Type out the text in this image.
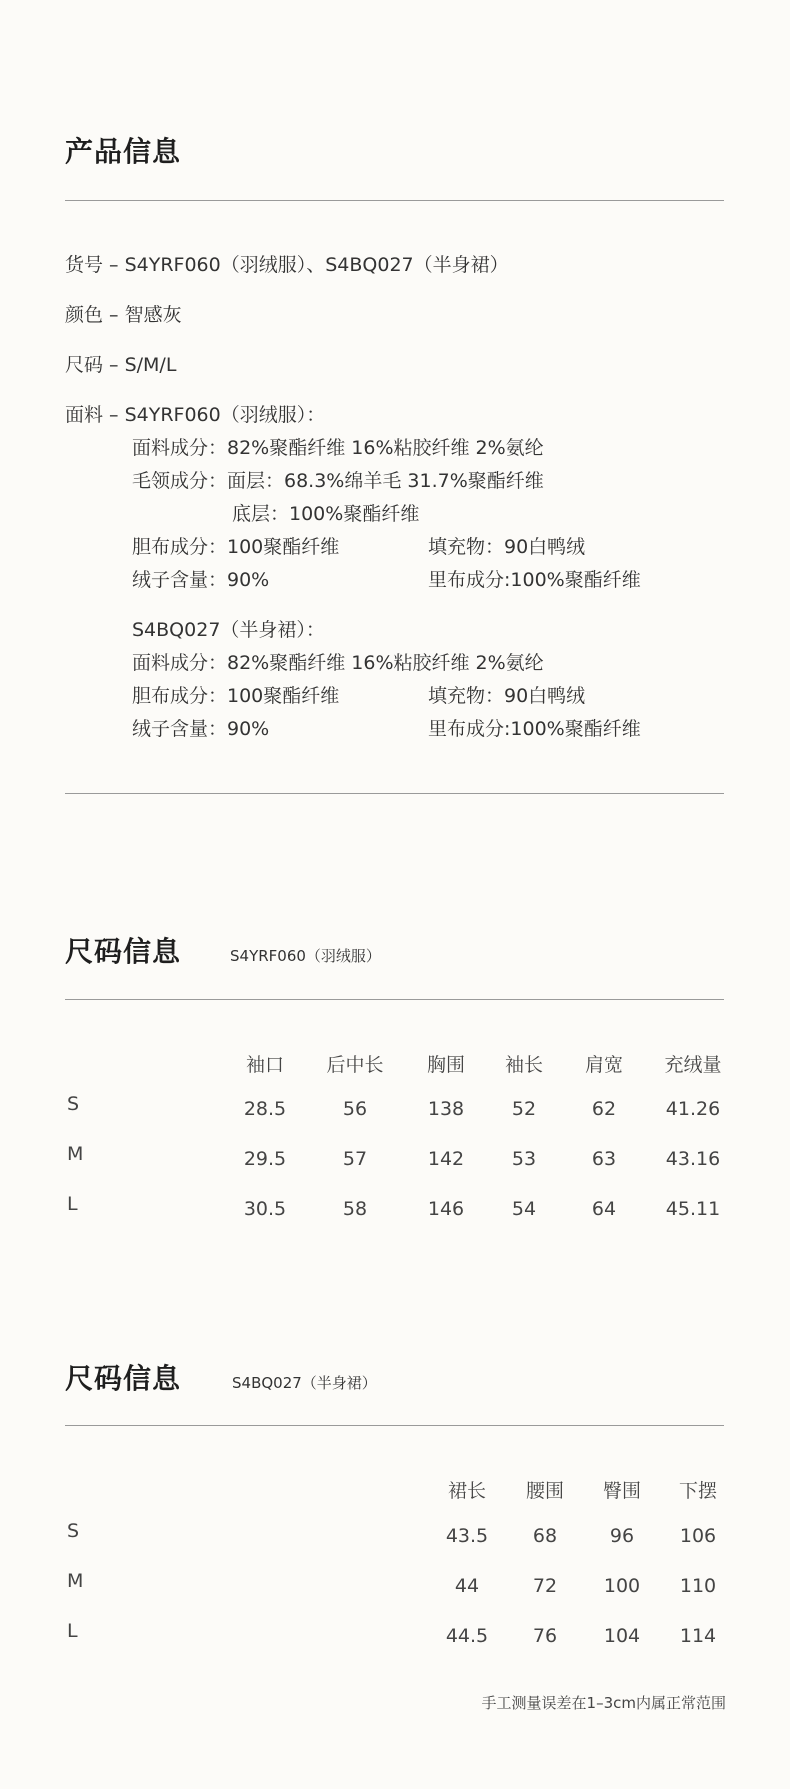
产品信息
货号 – S4YRF060（羽绒服）、S4BQ027（半身裙）
颜色 – 智感灰
尺码 – S/M/L
面料 – S4YRF060（羽绒服）：
面料成分：82%聚酯纤维 16%粘胶纤维 2%氨纶
毛领成分：面层：68.3%绵羊毛 31.7%聚酯纤维
底层：100%聚酯纤维
胆布成分：100聚酯纤维	填充物：90白鸭绒
绒子含量：90%	里布成分:100%聚酯纤维
S4BQ027（半身裙）：
面料成分：82%聚酯纤维 16%粘胶纤维 2%氨纶
胆布成分：100聚酯纤维	填充物：90白鸭绒
绒子含量：90%	里布成分:100%聚酯纤维
尺码信息	S4YRF060（羽绒服）
袖口 后中长 胸围 袖长 肩宽 充绒量
S	28.5	56	138	52	62	41.26
M	29.5	57	142	53	63	43.16
L	30.5	58	146	54	64	45.11
尺码信息	S4BQ027（半身裙）
裙长 腰围 臀围 下摆
S	43.5 68	96 106
M	44	72 100 110
L	44.5 76 104 114
手工测量误差在1–3cm内属正常范围
